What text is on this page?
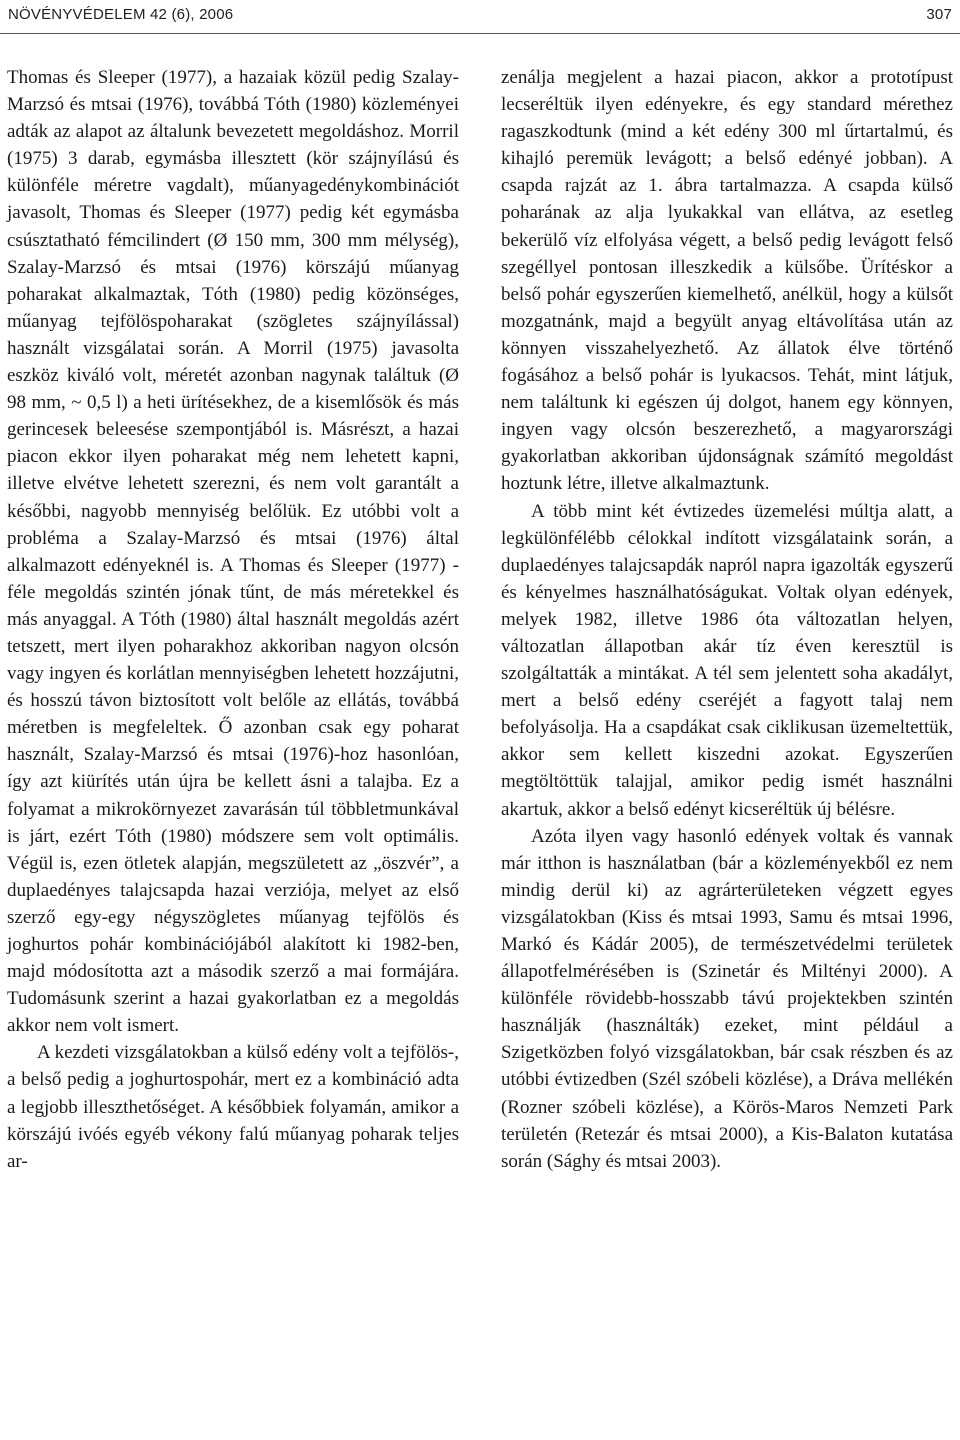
NÖVÉNYVÉDELEM 42 (6), 2006	307

Thomas és Sleeper (1977), a hazaiak közül pedig Szalay-Marzsó és mtsai (1976), továbbá Tóth (1980) közleményei adták az alapot az általunk bevezetett megoldáshoz. Morril (1975) 3 darab, egymásba illesztett (kör szájnyílású és különféle méretre vagdalt), műanyagedénykombinációt javasolt, Thomas és Sleeper (1977) pedig két egymásba csúsztatható fémcilindert (Ø 150 mm, 300 mm mélység), Szalay-Marzsó és mtsai (1976) körszájú műanyag poharakat alkalmaztak, Tóth (1980) pedig közönséges, műanyag tejfölöspoharakat (szögletes szájnyílással) használt vizsgálatai során. A Morril (1975) javasolta eszköz kiváló volt, méretét azonban nagynak találtuk (Ø 98 mm, ~ 0,5 l) a heti ürítésekhez, de a kisemlősök és más gerincesek beleesése szempontjából is. Másrészt, a hazai piacon ekkor ilyen poharakat még nem lehetett kapni, illetve elvétve lehetett szerezni, és nem volt garantált a későbbi, nagyobb mennyiség belőlük. Ez utóbbi volt a probléma a Szalay-Marzsó és mtsai (1976) által alkalmazott edényeknél is. A Thomas és Sleeper (1977) -féle megoldás szintén jónak tűnt, de más méretekkel és más anyaggal. A Tóth (1980) által használt megoldás azért tetszett, mert ilyen poharakhoz akkoriban nagyon olcsón vagy ingyen és korlátlan mennyiségben lehetett hozzájutni, és hosszú távon biztosított volt belőle az ellátás, továbbá méretben is megfeleltek. Ő azonban csak egy poharat használt, Szalay-Marzsó és mtsai (1976)-hoz hasonlóan, így azt kiürítés után újra be kellett ásni a talajba. Ez a folyamat a mikrokörnyezet zavarásán túl többletmunkával is járt, ezért Tóth (1980) módszere sem volt optimális. Végül is, ezen ötletek alapján, megszületett az „öszvér”, a duplaedényes talajcsapda hazai verziója, melyet az első szerző egy-egy négyszögletes műanyag tejfölös és joghurtos pohár kombinációjából alakított ki 1982-ben, majd módosította azt a második szerző a mai formájára. Tudomásunk szerint a hazai gyakorlatban ez a megoldás akkor nem volt ismert.

A kezdeti vizsgálatokban a külső edény volt a tejfölös-, a belső pedig a joghurtospohár, mert ez a kombináció adta a legjobb illeszthetőséget. A későbbiek folyamán, amikor a körszájú ivóés egyéb vékony falú műanyag poharak teljes ar-

zenálja megjelent a hazai piacon, akkor a prototípust lecseréltük ilyen edényekre, és egy standard mérethez ragaszkodtunk (mind a két edény 300 ml űrtartalmú, és kihajló peremük levágott; a belső edényé jobban). A csapda rajzát az 1. ábra tartalmazza. A csapda külső poharának az alja lyukakkal van ellátva, az esetleg bekerülő víz elfolyása végett, a belső pedig levágott felső szegéllyel pontosan illeszkedik a külsőbe. Ürítéskor a belső pohár egyszerűen kiemelhető, anélkül, hogy a külsőt mozgatnánk, majd a begyült anyag eltávolítása után az könnyen visszahelyezhető. Az állatok élve történő fogásához a belső pohár is lyukacsos. Tehát, mint látjuk, nem találtunk ki egészen új dolgot, hanem egy könnyen, ingyen vagy olcsón beszerezhető, a magyarországi gyakorlatban akkoriban újdonságnak számító megoldást hoztunk létre, illetve alkalmaztunk.

A több mint két évtizedes üzemelési múltja alatt, a legkülönfélébb célokkal indított vizsgálataink során, a duplaedényes talajcsapdák napról napra igazolták egyszerű és kényelmes használhatóságukat. Voltak olyan edények, melyek 1982, illetve 1986 óta változatlan helyen, változatlan állapotban akár tíz éven keresztül is szolgáltatták a mintákat. A tél sem jelentett soha akadályt, mert a belső edény cseréjét a fagyott talaj nem befolyásolja. Ha a csapdákat csak ciklikusan üzemeltettük, akkor sem kellett kiszedni azokat. Egyszerűen megtöltöttük talajjal, amikor pedig ismét használni akartuk, akkor a belső edényt kicseréltük új bélésre.

Azóta ilyen vagy hasonló edények voltak és vannak már itthon is használatban (bár a közleményekből ez nem mindig derül ki) az agrárterületeken végzett egyes vizsgálatokban (Kiss és mtsai 1993, Samu és mtsai 1996, Markó és Kádár 2005), de természetvédelmi területek állapotfelmérésében is (Szinetár és Miltényi 2000). A különféle rövidebb-hosszabb távú projektekben szintén használják (használták) ezeket, mint például a Szigetközben folyó vizsgálatokban, bár csak részben és az utóbbi évtizedben (Szél szóbeli közlése), a Dráva mellékén (Rozner szóbeli közlése), a Körös-Maros Nemzeti Park területén (Retezár és mtsai 2000), a Kis-Balaton kutatása során (Sághy és mtsai 2003).
